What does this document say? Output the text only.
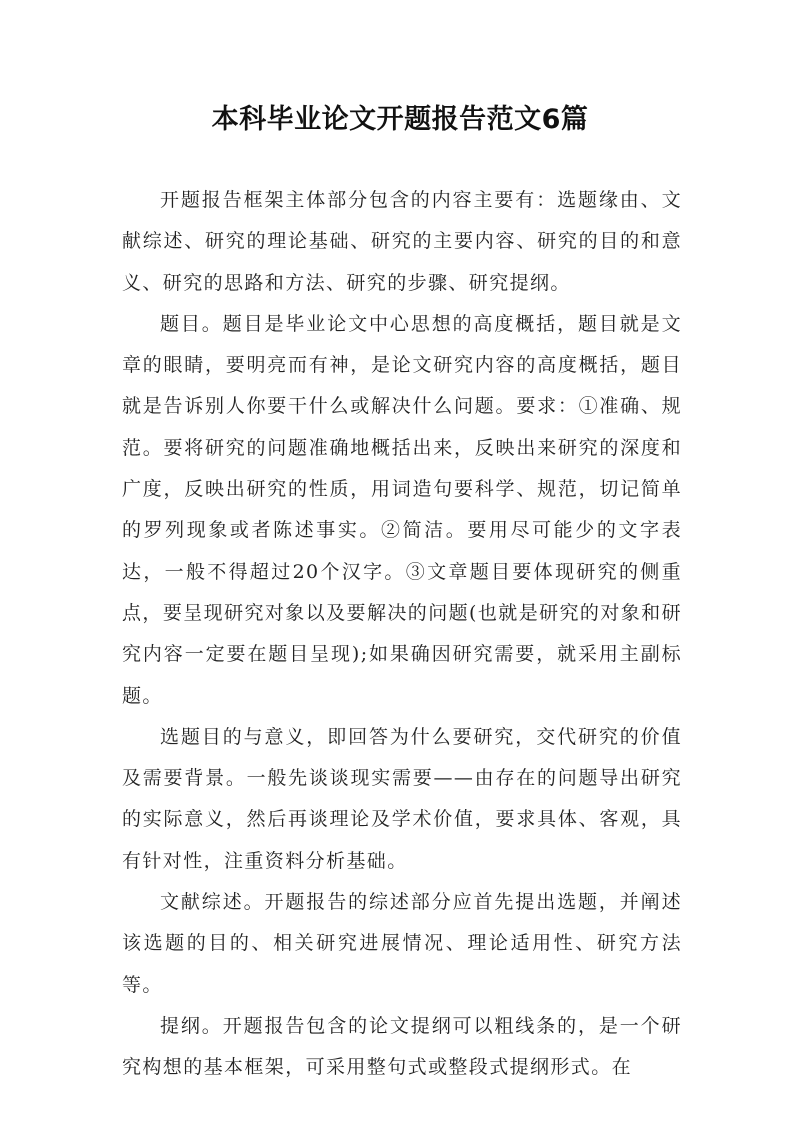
本科毕业论文开题报告范文6篇

开题报告框架主体部分包含的内容主要有：选题缘由、文献综述、研究的理论基础、研究的主要内容、研究的目的和意义、研究的思路和方法、研究的步骤、研究提纲。

题目。题目是毕业论文中心思想的高度概括，题目就是文章的眼睛，要明亮而有神，是论文研究内容的高度概括，题目就是告诉别人你要干什么或解决什么问题。要求：①准确、规范。要将研究的问题准确地概括出来，反映出来研究的深度和广度，反映出研究的性质，用词造句要科学、规范，切记简单的罗列现象或者陈述事实。②简洁。要用尽可能少的文字表达，一般不得超过20个汉字。③文章题目要体现研究的侧重点，要呈现研究对象以及要解决的问题(也就是研究的对象和研究内容一定要在题目呈现);如果确因研究需要，就采用主副标题。

选题目的与意义，即回答为什么要研究，交代研究的价值及需要背景。一般先谈谈现实需要——由存在的问题导出研究的实际意义，然后再谈理论及学术价值，要求具体、客观，具有针对性，注重资料分析基础。

文献综述。开题报告的综述部分应首先提出选题，并阐述该选题的目的、相关研究进展情况、理论适用性、研究方法等。

提纲。开题报告包含的论文提纲可以粗线条的，是一个研究构想的基本框架，可采用整句式或整段式提纲形式。在
